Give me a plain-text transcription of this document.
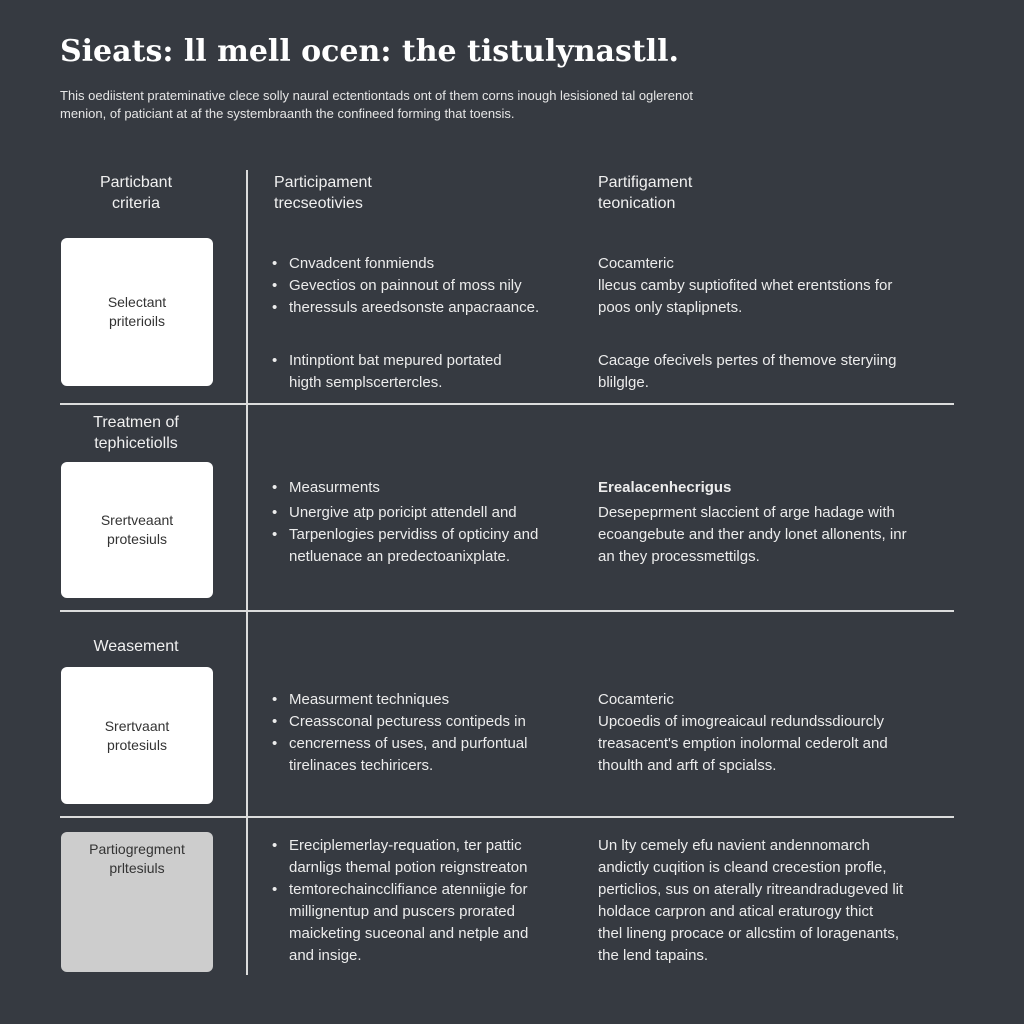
Sieats: ll mell ocen: the tistulynastll.

This oediistent prateminative clece solly naural ectentiontads ont of them corns inough lesisioned tal oglerenot

menion, of paticiant at af the systembraanth the confineed forming that toensis.

Particbant
criteria
Participament
trecseotivies
Partifigament
teonication
Selectant
priterioils
• Cnvadcent fonmiends
• Gevectios on painnout of moss nily
• theressuls areedsonste anpacraance.
• Intinptiont bat mepured portated
higth semplscertercles.

Cocamteric

llecus camby suptiofited whet erentstions for

poos only staplipnets.

Cacage ofecivels pertes of themove steryiing

blilglge.

Treatmen of
tephicetiolls
Srertveaant
protesiuls
• Measurments
• Unergive atp poricipt attendell and
• Tarpenlogies pervidiss of opticiny and
netluenace an predectoanixplate.

Erealacenhecrigus

Desepeprment slaccient of arge hadage with

ecoangebute and ther andy lonet allonents, inr

an they processmettilgs.

Weasement
Srertvaant
protesiuls
• Measurment techniques
• Creassconal pecturess contipeds in
• cencrerness of uses, and purfontual
tirelinaces techiricers.

Cocamteric

Upcoedis of imogreaicaul redundssdiourcly

treasacent's emption inolormal cederolt and

thoulth and arft of spcialss.

Partiogregment
prltesiuls
• Ereciplemerlay-requation, ter pattic
darnligs themal potion reignstreaton
• temtorechaincclifiance atenniigie for
millignentup and puscers prorated
maicketing suceonal and netple and
and insige.

Un lty cemely efu navient andennomarch

andictly cuqition is cleand crecestion profle,

perticlios, sus on aterally ritreandradugeved lit

holdace carpron and atical eraturogy thict

thel lineng procace or allcstim of loragenants,

the lend tapains.
